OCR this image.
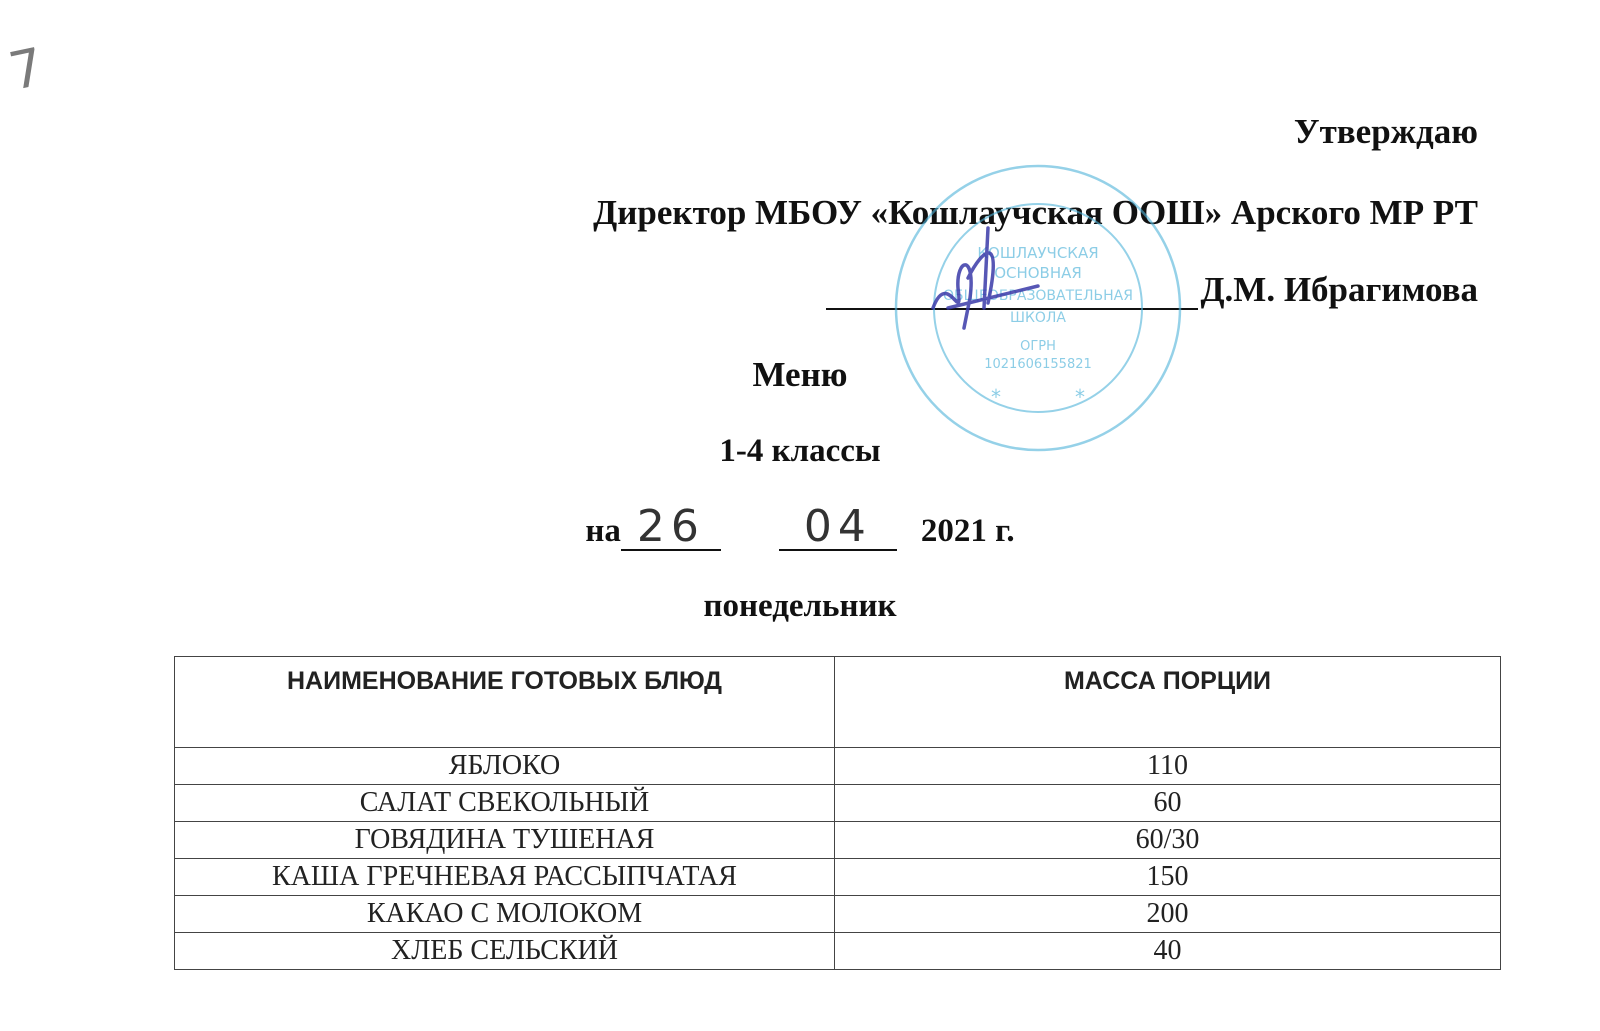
7
Утверждаю
Директор МБОУ «Кошлаучская ООШ» Арского МР РТ
Д.М. Ибрагимова
КОШЛАУЧСКАЯ
ОСНОВНАЯ
ОБЩЕОБРАЗОВАТЕЛЬНАЯ
ШКОЛА
ОГРН
1021606155821
*	*
Меню
1-4 классы
на 26 04 2021 г.
понедельник
НАИМЕНОВАНИЕ ГОТОВЫХ БЛЮД	МАССА ПОРЦИИ
ЯБЛОКО	110
САЛАТ СВЕКОЛЬНЫЙ	60
ГОВЯДИНА ТУШЕНАЯ	60/30
КАША ГРЕЧНЕВАЯ РАССЫПЧАТАЯ	150
КАКАО С МОЛОКОМ	200
ХЛЕБ СЕЛЬСКИЙ	40
